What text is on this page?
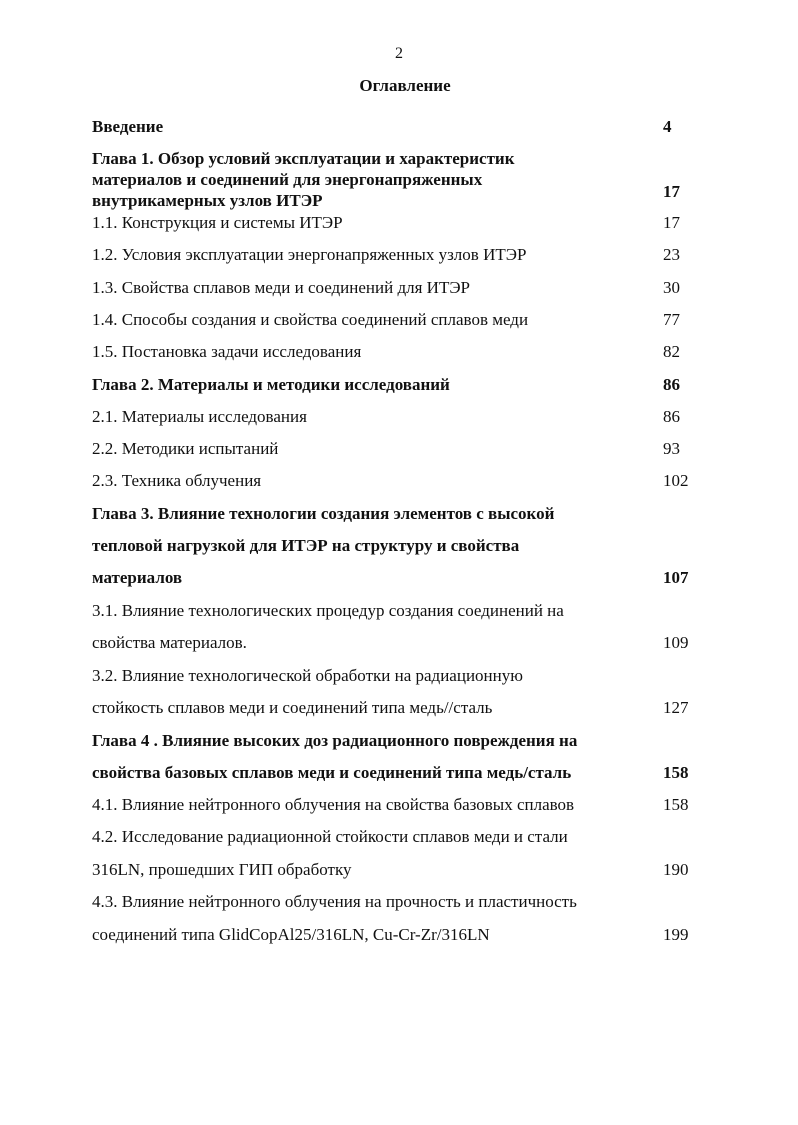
2
Оглавление
Введение	4
Глава 1. Обзор условий эксплуатации и характеристик
материалов и соединений для энергонапряженных
внутрикамерных узлов ИТЭР	17
1.1. Конструкция и системы ИТЭР	17
1.2. Условия эксплуатации энергонапряженных узлов ИТЭР	23
1.3. Свойства сплавов меди и соединений для ИТЭР	30
1.4. Способы создания и свойства соединений сплавов меди	77
1.5. Постановка задачи исследования	82
Глава 2. Материалы и методики исследований	86
2.1. Материалы исследования	86
2.2. Методики испытаний	93
2.3. Техника облучения	102
Глава 3. Влияние технологии создания элементов с высокой
тепловой нагрузкой для ИТЭР на структуру и свойства
материалов	107
3.1. Влияние технологических процедур создания соединений на
свойства материалов.	109
3.2. Влияние технологической обработки на радиационную
стойкость сплавов меди и соединений типа медь//сталь	127
Глава 4 . Влияние высоких доз радиационного повреждения на
свойства базовых сплавов меди и соединений типа медь/сталь	158
4.1. Влияние нейтронного облучения на свойства базовых сплавов	158
4.2. Исследование радиационной стойкости сплавов меди и стали
316LN, прошедших ГИП обработку	190
4.3. Влияние нейтронного облучения на прочность и пластичность
соединений типа GlidCopAl25/316LN, Cu-Cr-Zr/316LN	199
